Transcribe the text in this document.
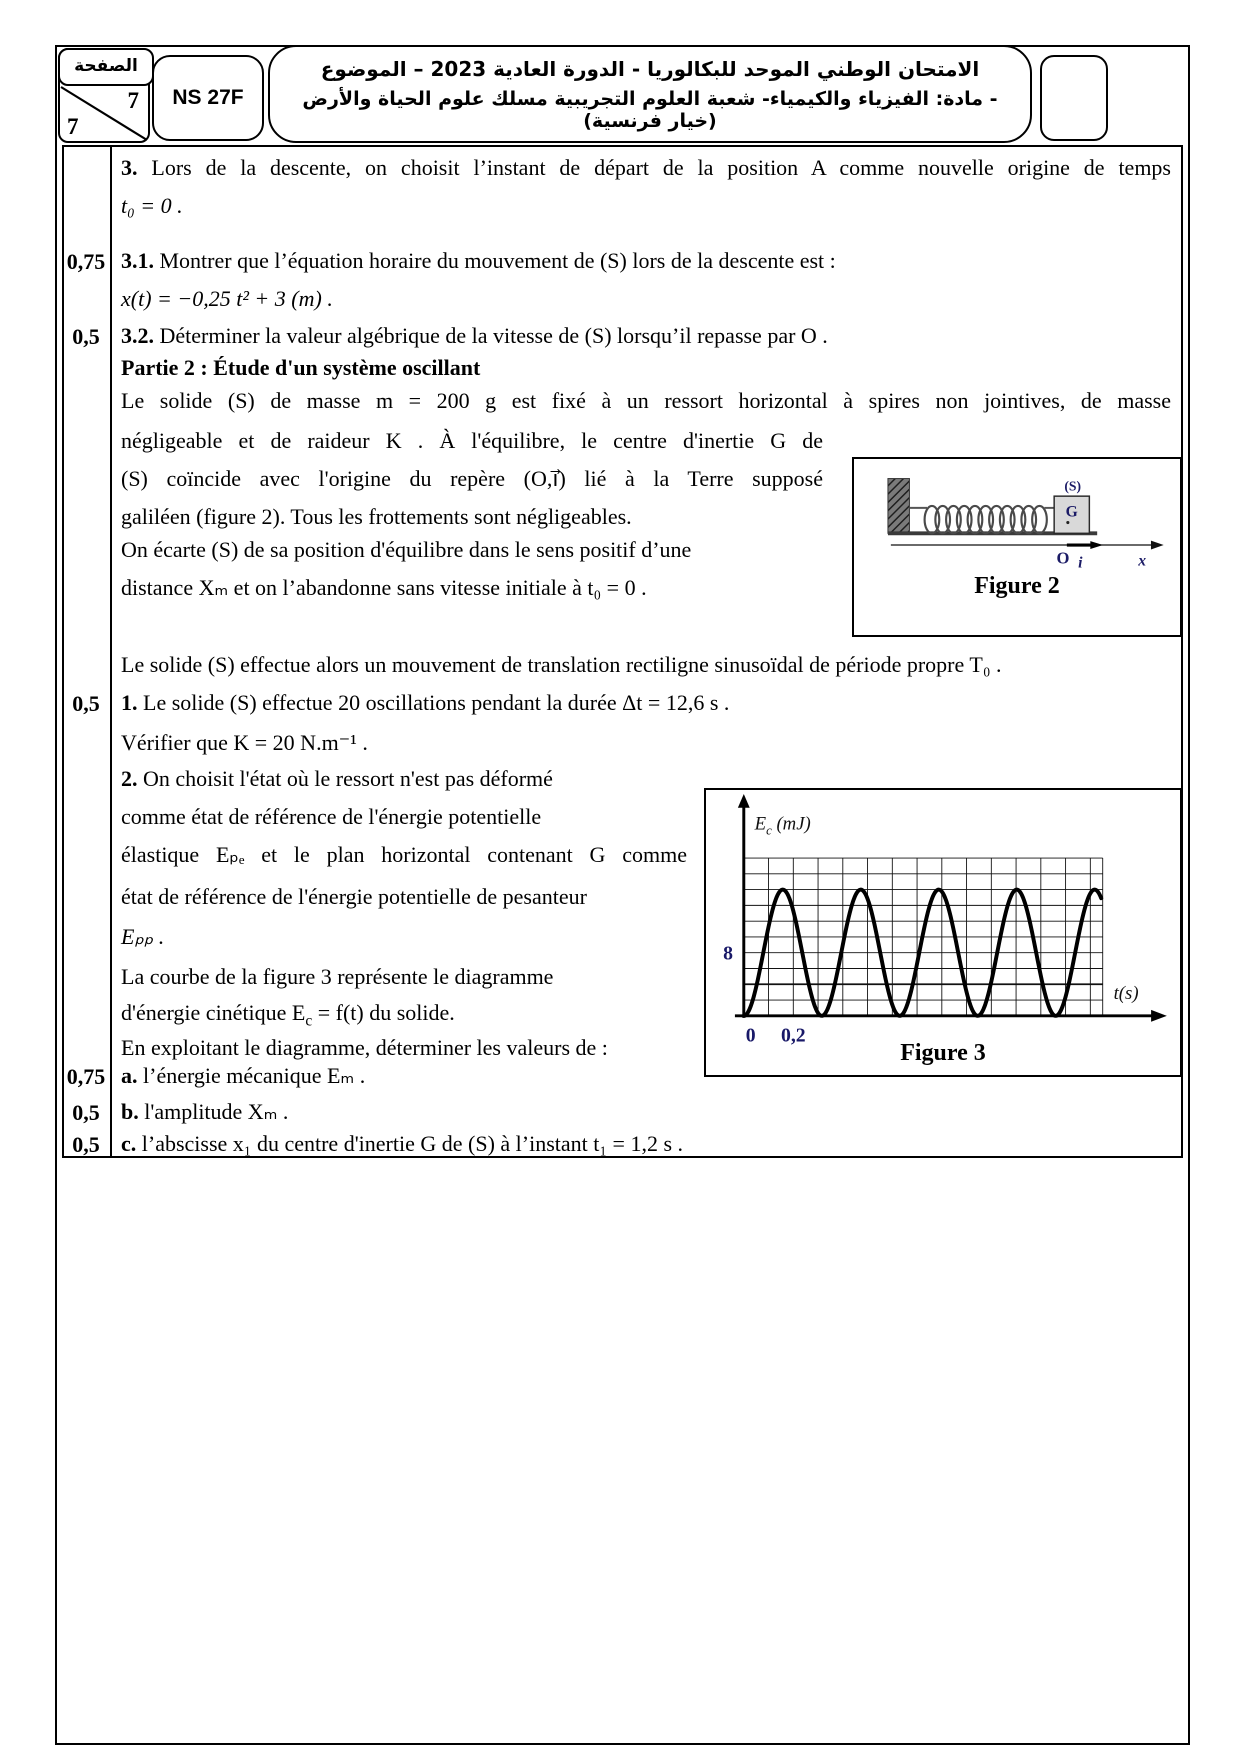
الصفحة
7
7
NS 27F
الامتحان الوطني الموحد للبكالوريا - الدورة العادية 2023 – الموضوع
- مادة: الفيزياء والكيمياء- شعبة العلوم التجريبية مسلك علوم الحياة والأرض (خيار فرنسية)
(S)
G
O i⃗	x
Figure 2
8
0 0,2
t(s)
$E_c$ (mJ)
Figure 3
3. Lors de la descente, on choisit l’instant de départ de la position A comme nouvelle origine de temps
t₀ = 0 .
3.1. Montrer que l’équation horaire du mouvement de (S) lors de la descente est :
0,75
x(t) = −0,25 t² + 3 (m) .
3.2. Déterminer la valeur algébrique de la vitesse de (S) lorsqu’il repasse par O .
0,5
Partie 2 : Étude d'un système oscillant
Le solide (S) de masse m = 200 g est fixé à un ressort horizontal à spires non jointives, de masse
négligeable et de raideur K . À l'équilibre, le centre d'inertie G de
(S) coïncide avec l'origine du repère (O,i⃗) lié à la Terre supposé
galiléen (figure 2). Tous les frottements sont négligeables.
On écarte (S) de sa position d'équilibre dans le sens positif d’une
distance Xₘ et on l’abandonne sans vitesse initiale à t₀ = 0 .
Le solide (S) effectue alors un mouvement de translation rectiligne sinusoïdal de période propre T₀ .
1. Le solide (S) effectue 20 oscillations pendant la durée Δt = 12,6 s .
0,5
Vérifier que K = 20 N.m⁻¹ .
2. On choisit l'état où le ressort n'est pas déformé
comme état de référence de l'énergie potentielle
élastique Eₚₑ et le plan horizontal contenant G comme
état de référence de l'énergie potentielle de pesanteur
Eₚₚ .
La courbe de la figure 3 représente le diagramme
d'énergie cinétique $E_c = f(t)$ du solide.
En exploitant le diagramme, déterminer les valeurs de :
a. l’énergie mécanique Eₘ .
0,75
b. l'amplitude Xₘ .
0,5
c. l’abscisse x₁ du centre d'inertie G de (S) à l’instant t₁ = 1,2 s .
0,5
